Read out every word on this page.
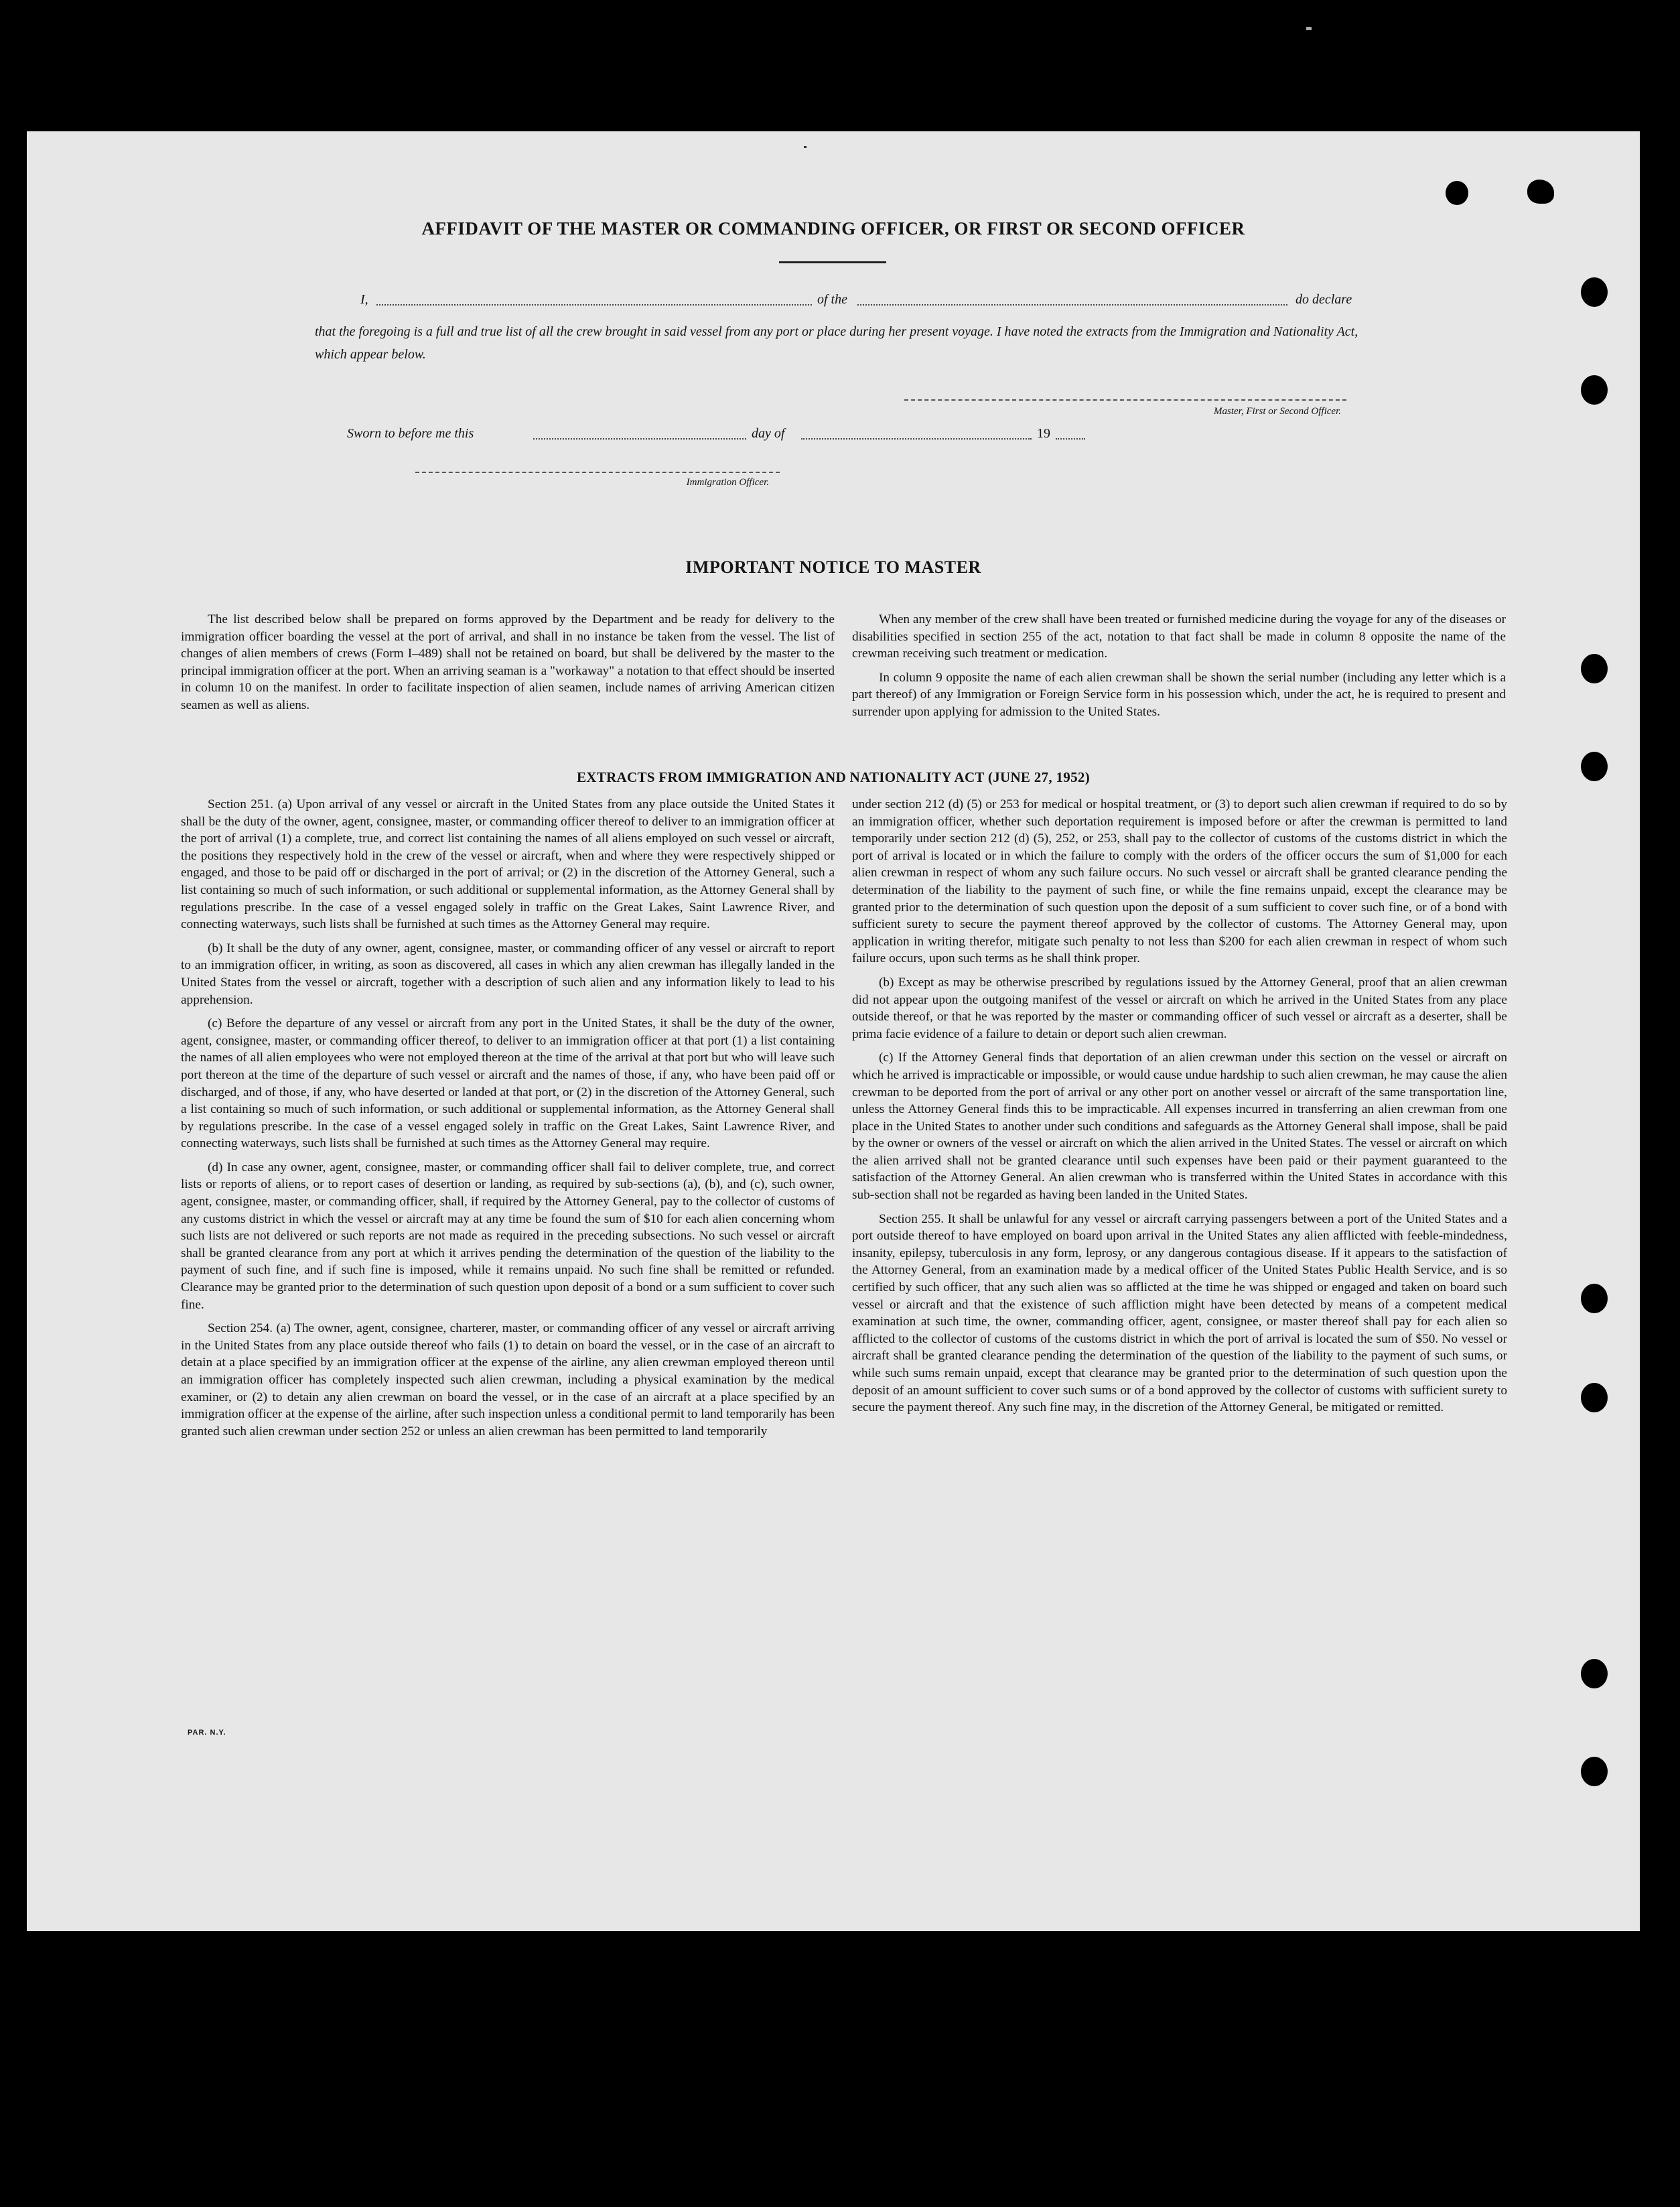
AFFIDAVIT OF THE MASTER OR COMMANDING OFFICER, OR FIRST OR SECOND OFFICER
I,	of the	do declare
that the foregoing is a full and true list of all the crew brought in said vessel from any port or place during her present voyage. I have noted the extracts from the Immigration and Nationality Act, which appear below.
Master, First or Second Officer.
Sworn to before me this	day of	19
Immigration Officer.
IMPORTANT NOTICE TO MASTER

The list described below shall be prepared on forms approved by the Department and be ready for delivery to the immigration officer boarding the vessel at the port of arrival, and shall in no instance be taken from the vessel. The list of changes of alien members of crews (Form I–489) shall not be retained on board, but shall be delivered by the master to the principal immigration officer at the port. When an arriving seaman is a "workaway" a notation to that effect should be inserted in column 10 on the manifest. In order to facilitate inspection of alien seamen, include names of arriving American citizen seamen as well as aliens.

When any member of the crew shall have been treated or furnished medicine during the voyage for any of the diseases or disabilities specified in section 255 of the act, notation to that fact shall be made in column 8 opposite the name of the crewman receiving such treatment or medication.

In column 9 opposite the name of each alien crewman shall be shown the serial number (including any letter which is a part thereof) of any Immigration or Foreign Service form in his possession which, under the act, he is required to present and surrender upon applying for admission to the United States.

EXTRACTS FROM IMMIGRATION AND NATIONALITY ACT (JUNE 27, 1952)

Section 251. (a) Upon arrival of any vessel or aircraft in the United States from any place outside the United States it shall be the duty of the owner, agent, consignee, master, or commanding officer thereof to deliver to an immigration officer at the port of arrival (1) a complete, true, and correct list containing the names of all aliens employed on such vessel or aircraft, the positions they respectively hold in the crew of the vessel or aircraft, when and where they were respectively shipped or engaged, and those to be paid off or discharged in the port of arrival; or (2) in the discretion of the Attorney General, such a list containing so much of such information, or such additional or supplemental information, as the Attorney General shall by regulations prescribe. In the case of a vessel engaged solely in traffic on the Great Lakes, Saint Lawrence River, and connecting waterways, such lists shall be furnished at such times as the Attorney General may require.

(b) It shall be the duty of any owner, agent, consignee, master, or commanding officer of any vessel or aircraft to report to an immigration officer, in writing, as soon as discovered, all cases in which any alien crewman has illegally landed in the United States from the vessel or aircraft, together with a description of such alien and any information likely to lead to his apprehension.

(c) Before the departure of any vessel or aircraft from any port in the United States, it shall be the duty of the owner, agent, consignee, master, or commanding officer thereof, to deliver to an immigration officer at that port (1) a list containing the names of all alien employees who were not employed thereon at the time of the arrival at that port but who will leave such port thereon at the time of the departure of such vessel or aircraft and the names of those, if any, who have been paid off or discharged, and of those, if any, who have deserted or landed at that port, or (2) in the discretion of the Attorney General, such a list containing so much of such information, or such additional or supplemental information, as the Attorney General shall by regulations prescribe. In the case of a vessel engaged solely in traffic on the Great Lakes, Saint Lawrence River, and connecting waterways, such lists shall be furnished at such times as the Attorney General may require.

(d) In case any owner, agent, consignee, master, or commanding officer shall fail to deliver complete, true, and correct lists or reports of aliens, or to report cases of desertion or landing, as required by sub-sections (a), (b), and (c), such owner, agent, consignee, master, or commanding officer, shall, if required by the Attorney General, pay to the collector of customs of any customs district in which the vessel or aircraft may at any time be found the sum of $10 for each alien concerning whom such lists are not delivered or such reports are not made as required in the preceding subsections. No such vessel or aircraft shall be granted clearance from any port at which it arrives pending the determination of the question of the liability to the payment of such fine, and if such fine is imposed, while it remains unpaid. No such fine shall be remitted or refunded. Clearance may be granted prior to the determination of such question upon deposit of a bond or a sum sufficient to cover such fine.

Section 254. (a) The owner, agent, consignee, charterer, master, or commanding officer of any vessel or aircraft arriving in the United States from any place outside thereof who fails (1) to detain on board the vessel, or in the case of an aircraft to detain at a place specified by an immigration officer at the expense of the airline, any alien crewman employed thereon until an immigration officer has completely inspected such alien crewman, including a physical examination by the medical examiner, or (2) to detain any alien crewman on board the vessel, or in the case of an aircraft at a place specified by an immigration officer at the expense of the airline, after such inspection unless a conditional permit to land temporarily has been granted such alien crewman under section 252 or unless an alien crewman has been permitted to land temporarily

under section 212 (d) (5) or 253 for medical or hospital treatment, or (3) to deport such alien crewman if required to do so by an immigration officer, whether such deportation requirement is imposed before or after the crewman is permitted to land temporarily under section 212 (d) (5), 252, or 253, shall pay to the collector of customs of the customs district in which the port of arrival is located or in which the failure to comply with the orders of the officer occurs the sum of $1,000 for each alien crewman in respect of whom any such failure occurs. No such vessel or aircraft shall be granted clearance pending the determination of the liability to the payment of such fine, or while the fine remains unpaid, except the clearance may be granted prior to the determination of such question upon the deposit of a sum sufficient to cover such fine, or of a bond with sufficient surety to secure the payment thereof approved by the collector of customs. The Attorney General may, upon application in writing therefor, mitigate such penalty to not less than $200 for each alien crewman in respect of whom such failure occurs, upon such terms as he shall think proper.

(b) Except as may be otherwise prescribed by regulations issued by the Attorney General, proof that an alien crewman did not appear upon the outgoing manifest of the vessel or aircraft on which he arrived in the United States from any place outside thereof, or that he was reported by the master or commanding officer of such vessel or aircraft as a deserter, shall be prima facie evidence of a failure to detain or deport such alien crewman.

(c) If the Attorney General finds that deportation of an alien crewman under this section on the vessel or aircraft on which he arrived is impracticable or impossible, or would cause undue hardship to such alien crewman, he may cause the alien crewman to be deported from the port of arrival or any other port on another vessel or aircraft of the same transportation line, unless the Attorney General finds this to be impracticable. All expenses incurred in transferring an alien crewman from one place in the United States to another under such conditions and safeguards as the Attorney General shall impose, shall be paid by the owner or owners of the vessel or aircraft on which the alien arrived in the United States. The vessel or aircraft on which the alien arrived shall not be granted clearance until such expenses have been paid or their payment guaranteed to the satisfaction of the Attorney General. An alien crewman who is transferred within the United States in accordance with this sub-section shall not be regarded as having been landed in the United States.

Section 255. It shall be unlawful for any vessel or aircraft carrying passengers between a port of the United States and a port outside thereof to have employed on board upon arrival in the United States any alien afflicted with feeble-mindedness, insanity, epilepsy, tuberculosis in any form, leprosy, or any dangerous contagious disease. If it appears to the satisfaction of the Attorney General, from an examination made by a medical officer of the United States Public Health Service, and is so certified by such officer, that any such alien was so afflicted at the time he was shipped or engaged and taken on board such vessel or aircraft and that the existence of such affliction might have been detected by means of a competent medical examination at such time, the owner, commanding officer, agent, consignee, or master thereof shall pay for each alien so afflicted to the collector of customs of the customs district in which the port of arrival is located the sum of $50. No vessel or aircraft shall be granted clearance pending the determination of the question of the liability to the payment of such sums, or while such sums remain unpaid, except that clearance may be granted prior to the determination of such question upon the deposit of an amount sufficient to cover such sums or of a bond approved by the collector of customs with sufficient surety to secure the payment thereof. Any such fine may, in the discretion of the Attorney General, be mitigated or remitted.

PAR. N.Y.
